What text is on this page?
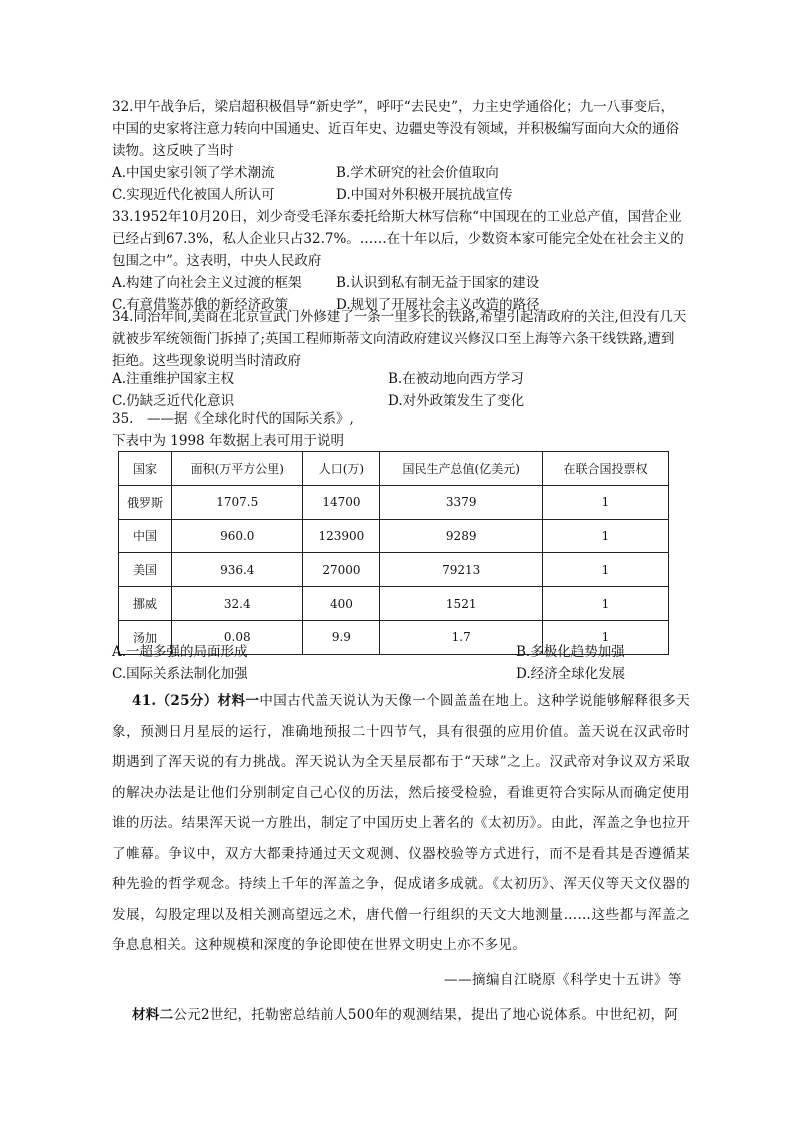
32.甲午战争后，梁启超积极倡导“新史学”，呼吁“去民史”，力主史学通俗化；九一八事变后，中国的史家将注意力转向中国通史、近百年史、边疆史等没有领域，并积极编写面向大众的通俗读物。这反映了当时

A.中国史家引领了学术潮流	B.学术研究的社会价值取向
C.实现近代化被国人所认可	D.中国对外积极开展抗战宣传

33.1952年10月20日，刘少奇受毛泽东委托给斯大林写信称“中国现在的工业总产值，国营企业已经占到67.3%，私人企业只占32.7%。……在十年以后，少数资本家可能完全处在社会主义的包围之中”。这表明，中央人民政府

A.构建了向社会主义过渡的框架	B.认识到私有制无益于国家的建设
C.有意借鉴苏俄的新经济政策	D.规划了开展社会主义改造的路径

34.同治年间,美商在北京宣武门外修建了一条一里多长的铁路,希望引起清政府的关注,但没有几天就被步军统领衙门拆掉了;英国工程师斯蒂文向清政府建议兴修汉口至上海等六条干线铁路,遭到拒绝。这些现象说明当时清政府

A.注重维护国家主权	B.在被动地向西方学习
C.仍缺乏近代化意识	D.对外政策发生了变化

35.　——据《全球化时代的国际关系》,

下表中为 1998 年数据上表可用于说明

国家	面积(万平方公里)	人口(万)	国民生产总值(亿美元)	在联合国投票权
俄罗斯	1707.5	14700	3379	1
中国	960.0	123900	9289	1
美国	936.4	27000	79213	1
挪威	32.4	400	1521	1
汤加	0.08	9.9	1.7	1
A.一超多强的局面形成	B.多极化趋势加强
C.国际关系法制化加强	D.经济全球化发展

41.（25分）材料一中国古代盖天说认为天像一个圆盖盖在地上。这种学说能够解释很多天象，预测日月星辰的运行，准确地预报二十四节气，具有很强的应用价值。盖天说在汉武帝时期遇到了浑天说的有力挑战。浑天说认为全天星辰都布于“天球”之上。汉武帝对争议双方采取的解决办法是让他们分别制定自己心仪的历法，然后接受检验，看谁更符合实际从而确定使用谁的历法。结果浑天说一方胜出，制定了中国历史上著名的《太初历》。由此，浑盖之争也拉开了帷幕。争议中，双方大都秉持通过天文观测、仪器校验等方式进行，而不是看其是否遵循某种先验的哲学观念。持续上千年的浑盖之争，促成诸多成就。《太初历》、浑天仪等天文仪器的发展，勾股定理以及相关测高望远之术，唐代僧一行组织的天文大地测量……这些都与浑盖之争息息相关。这种规模和深度的争论即使在世界文明史上亦不多见。

——摘编自江晓原《科学史十五讲》等

材料二公元2世纪，托勒密总结前人500年的观测结果，提出了地心说体系。中世纪初，阿
